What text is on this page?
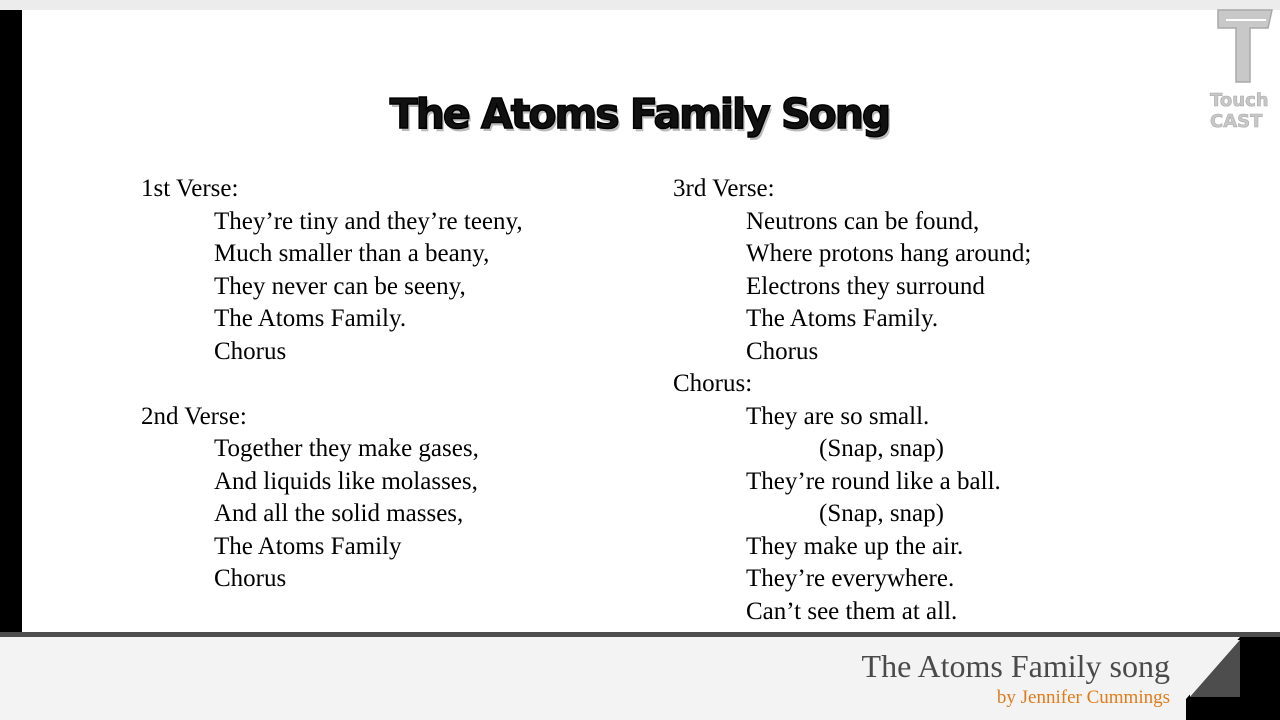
The Atoms Family Song
1st Verse:
They’re tiny and they’re teeny,
Much smaller than a beany,
They never can be seeny,
The Atoms Family.
Chorus
2nd Verse:
Together they make gases,
And liquids like molasses,
And all the solid masses,
The Atoms Family
Chorus
3rd Verse:
Neutrons can be found,
Where protons hang around;
Electrons they surround
The Atoms Family.
Chorus
Chorus:
They are so small.
(Snap, snap)
They’re round like a ball.
(Snap, snap)
They make up the air.
They’re everywhere.
Can’t see them at all.
Touch
CAST
The Atoms Family song
by Jennifer Cummings
